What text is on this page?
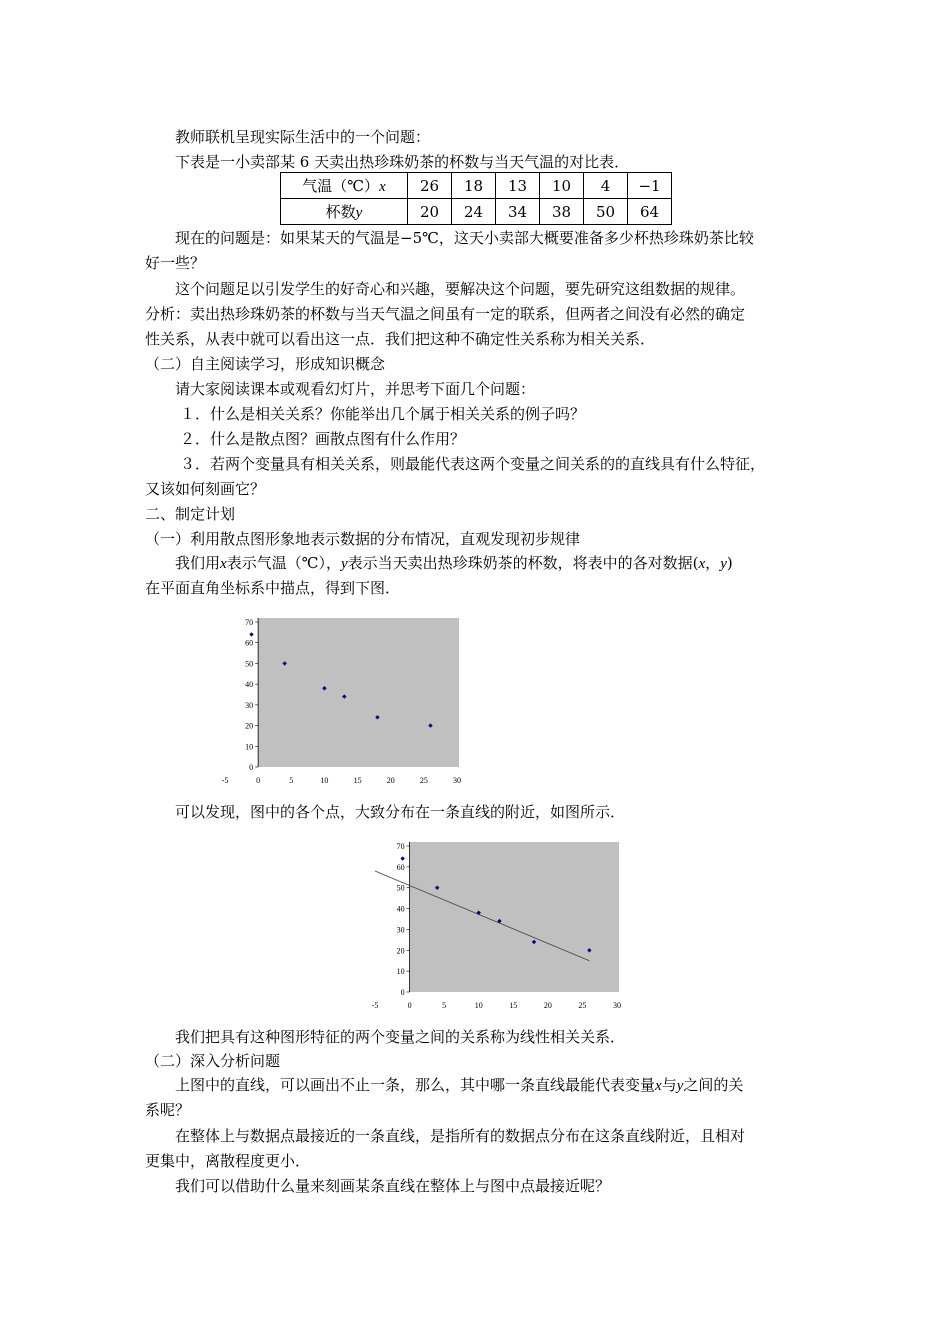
教师联机呈现实际生活中的一个问题：
下表是一小卖部某 6 天卖出热珍珠奶茶的杯数与当天气温的对比表．
气温（℃）x	26	18	13	10	4	−1
杯数y	20	24	34	38	50	64
现在的问题是：如果某天的气温是−5℃，这天小卖部大概要准备多少杯热珍珠奶茶比较
好一些？
这个问题足以引发学生的好奇心和兴趣，要解决这个问题，要先研究这组数据的规律。
分析：卖出热珍珠奶茶的杯数与当天气温之间虽有一定的联系，但两者之间没有必然的确定
性关系，从表中就可以看出这一点．我们把这种不确定性关系称为相关关系．
（二）自主阅读学习，形成知识概念
请大家阅读课本或观看幻灯片，并思考下面几个问题：
１．什么是相关关系？你能举出几个属于相关关系的例子吗？
２．什么是散点图？画散点图有什么作用？
３．若两个变量具有相关关系，则最能代表这两个变量之间关系的的直线具有什么特征，
又该如何刻画它？
二、制定计划
（一）利用散点图形象地表示数据的分布情况，直观发现初步规律
我们用x表示气温（℃），y表示当天卖出热珍珠奶茶的杯数，将表中的各对数据(x，y)
在平面直角坐标系中描点，得到下图．
0
10
20
30
40
50
60
70
-5	0	5	10	15	20	25	30
可以发现，图中的各个点，大致分布在一条直线的附近，如图所示．
0
10
20
30
40
50
60
70
-5	0	5	10	15	20	25	30
我们把具有这种图形特征的两个变量之间的关系称为线性相关关系．
（二）深入分析问题
上图中的直线，可以画出不止一条，那么，其中哪一条直线最能代表变量x与y之间的关
系呢？
在整体上与数据点最接近的一条直线，是指所有的数据点分布在这条直线附近，且相对
更集中，离散程度更小．
我们可以借助什么量来刻画某条直线在整体上与图中点最接近呢？
